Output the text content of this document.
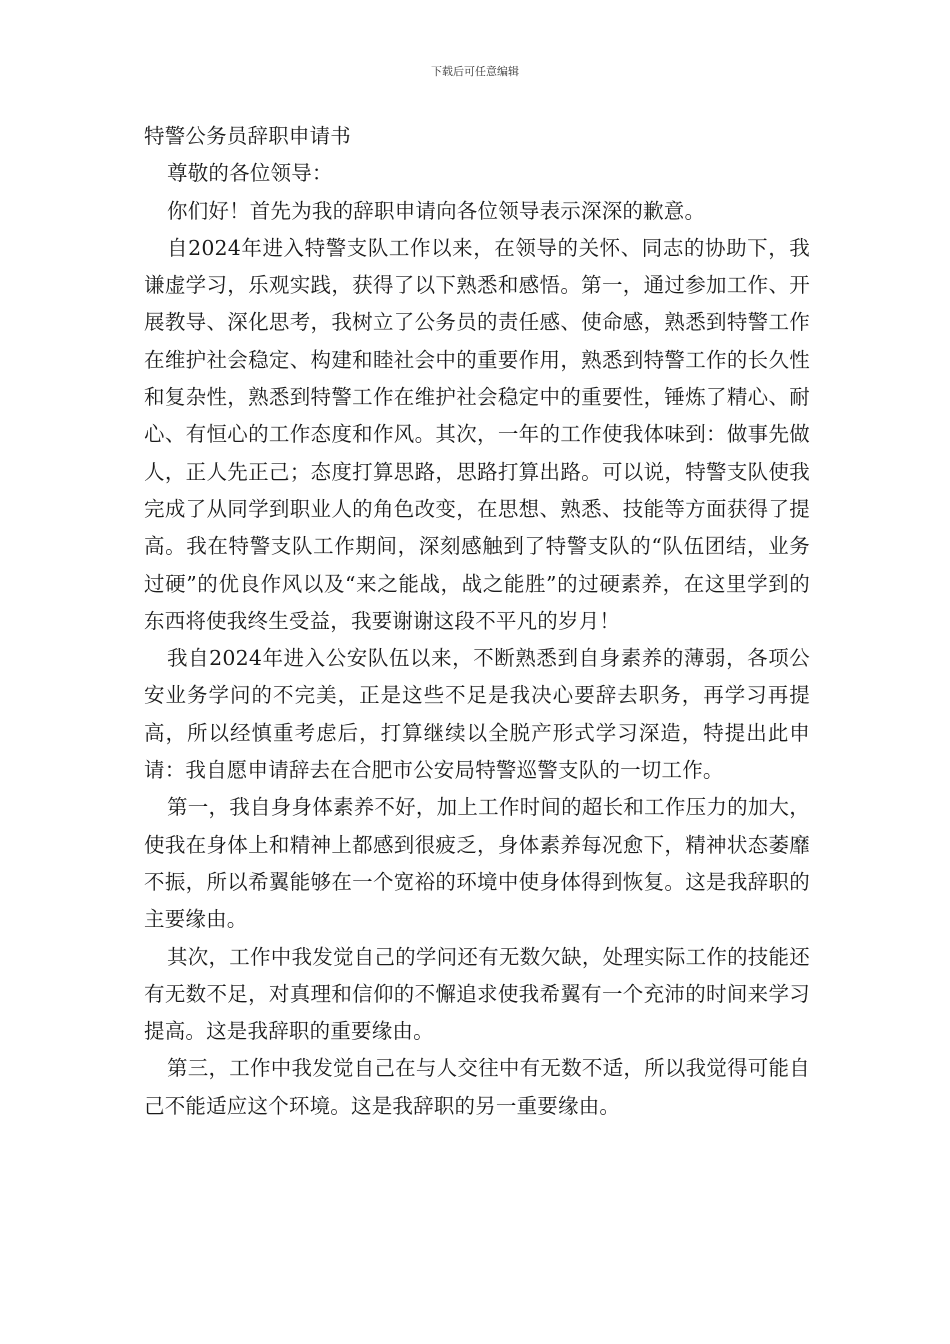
下载后可任意编辑

特警公务员辞职申请书

尊敬的各位领导：

你们好！首先为我的辞职申请向各位领导表示深深的歉意。

自2024年进入特警支队工作以来，在领导的关怀、同志的协助下，我谦虚学习，乐观实践，获得了以下熟悉和感悟。第一，通过参加工作、开展教导、深化思考，我树立了公务员的责任感、使命感，熟悉到特警工作在维护社会稳定、构建和睦社会中的重要作用，熟悉到特警工作的长久性和复杂性，熟悉到特警工作在维护社会稳定中的重要性，锤炼了精心、耐心、有恒心的工作态度和作风。其次，一年的工作使我体味到：做事先做人，正人先正己；态度打算思路，思路打算出路。可以说，特警支队使我完成了从同学到职业人的角色改变，在思想、熟悉、技能等方面获得了提高。我在特警支队工作期间，深刻感触到了特警支队的“队伍团结，业务过硬”的优良作风以及“来之能战，战之能胜”的过硬素养，在这里学到的东西将使我终生受益，我要谢谢这段不平凡的岁月！

我自2024年进入公安队伍以来，不断熟悉到自身素养的薄弱，各项公安业务学问的不完美，正是这些不足是我决心要辞去职务，再学习再提高，所以经慎重考虑后，打算继续以全脱产形式学习深造，特提出此申请：我自愿申请辞去在合肥市公安局特警巡警支队的一切工作。

第一，我自身身体素养不好，加上工作时间的超长和工作压力的加大，使我在身体上和精神上都感到很疲乏，身体素养每况愈下，精神状态萎靡不振，所以希翼能够在一个宽裕的环境中使身体得到恢复。这是我辞职的主要缘由。

其次，工作中我发觉自己的学问还有无数欠缺，处理实际工作的技能还有无数不足，对真理和信仰的不懈追求使我希翼有一个充沛的时间来学习提高。这是我辞职的重要缘由。

第三，工作中我发觉自己在与人交往中有无数不适，所以我觉得可能自己不能适应这个环境。这是我辞职的另一重要缘由。
